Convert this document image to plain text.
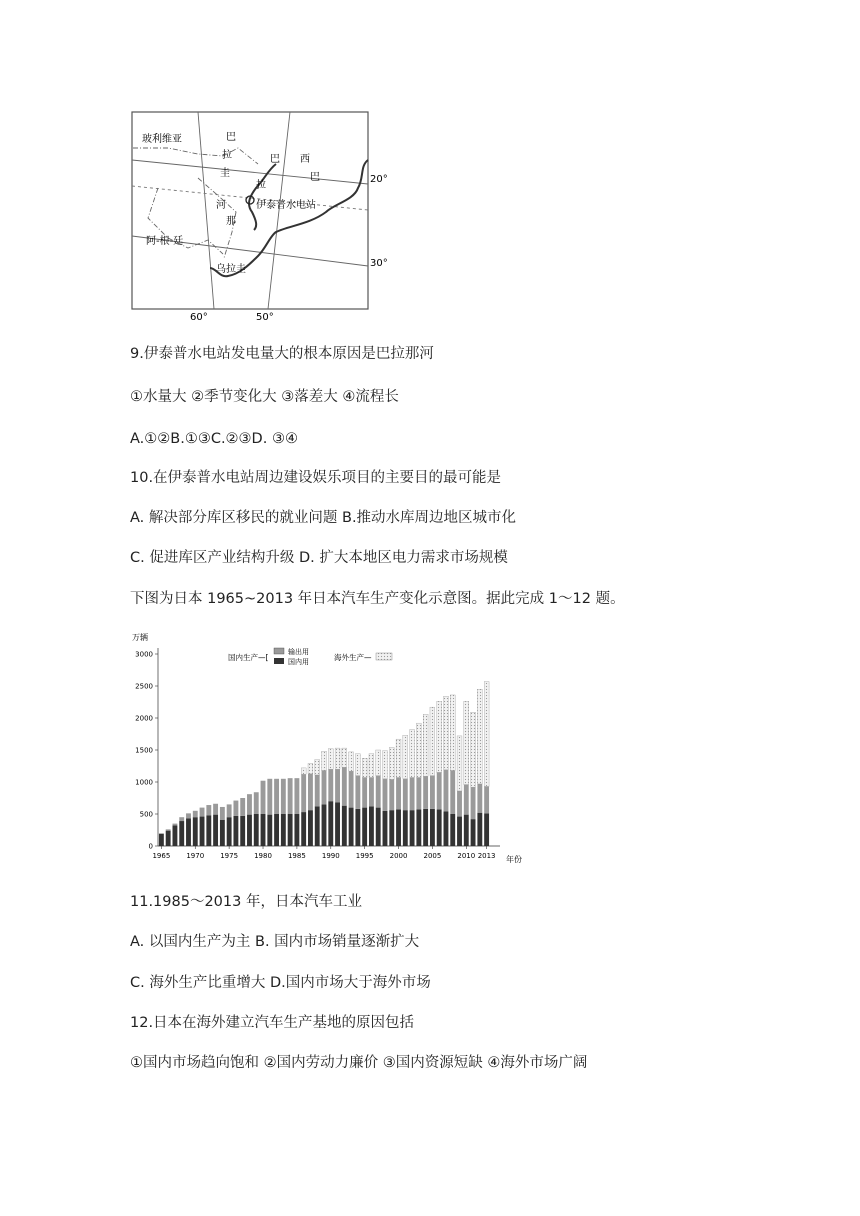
玻利维亚	巴
拉
圭
巴
拉
那
河
西
巴
伊泰普水电站
阿-根-廷
乌拉圭
20°
30°
60°	50°
9.伊泰普水电站发电量大的根本原因是巴拉那河
①水量大 ②季节变化大 ③落差大 ④流程长
A.①②B.①③C.②③D. ③④
10.在伊泰普水电站周边建设娱乐项目的主要目的最可能是
A. 解决部分库区移民的就业问题 B.推动水库周边地区城市化
C. 促进库区产业结构升级 D. 扩大本地区电力需求市场规模
下图为日本 1965~2013 年日本汽车生产变化示意图。据此完成 1～12 题。
万辆
0
500
1000
1500
2000
2500
3000
1965 1970 1975 1980 1985 1990 1995 2000 2005 2010 2013 年份
国内生产—[
输出用
国内用	海外生产—
11.1985～2013 年，日本汽车工业
A. 以国内生产为主 B. 国内市场销量逐渐扩大
C. 海外生产比重增大 D.国内市场大于海外市场
12.日本在海外建立汽车生产基地的原因包括
①国内市场趋向饱和 ②国内劳动力廉价 ③国内资源短缺 ④海外市场广阔
